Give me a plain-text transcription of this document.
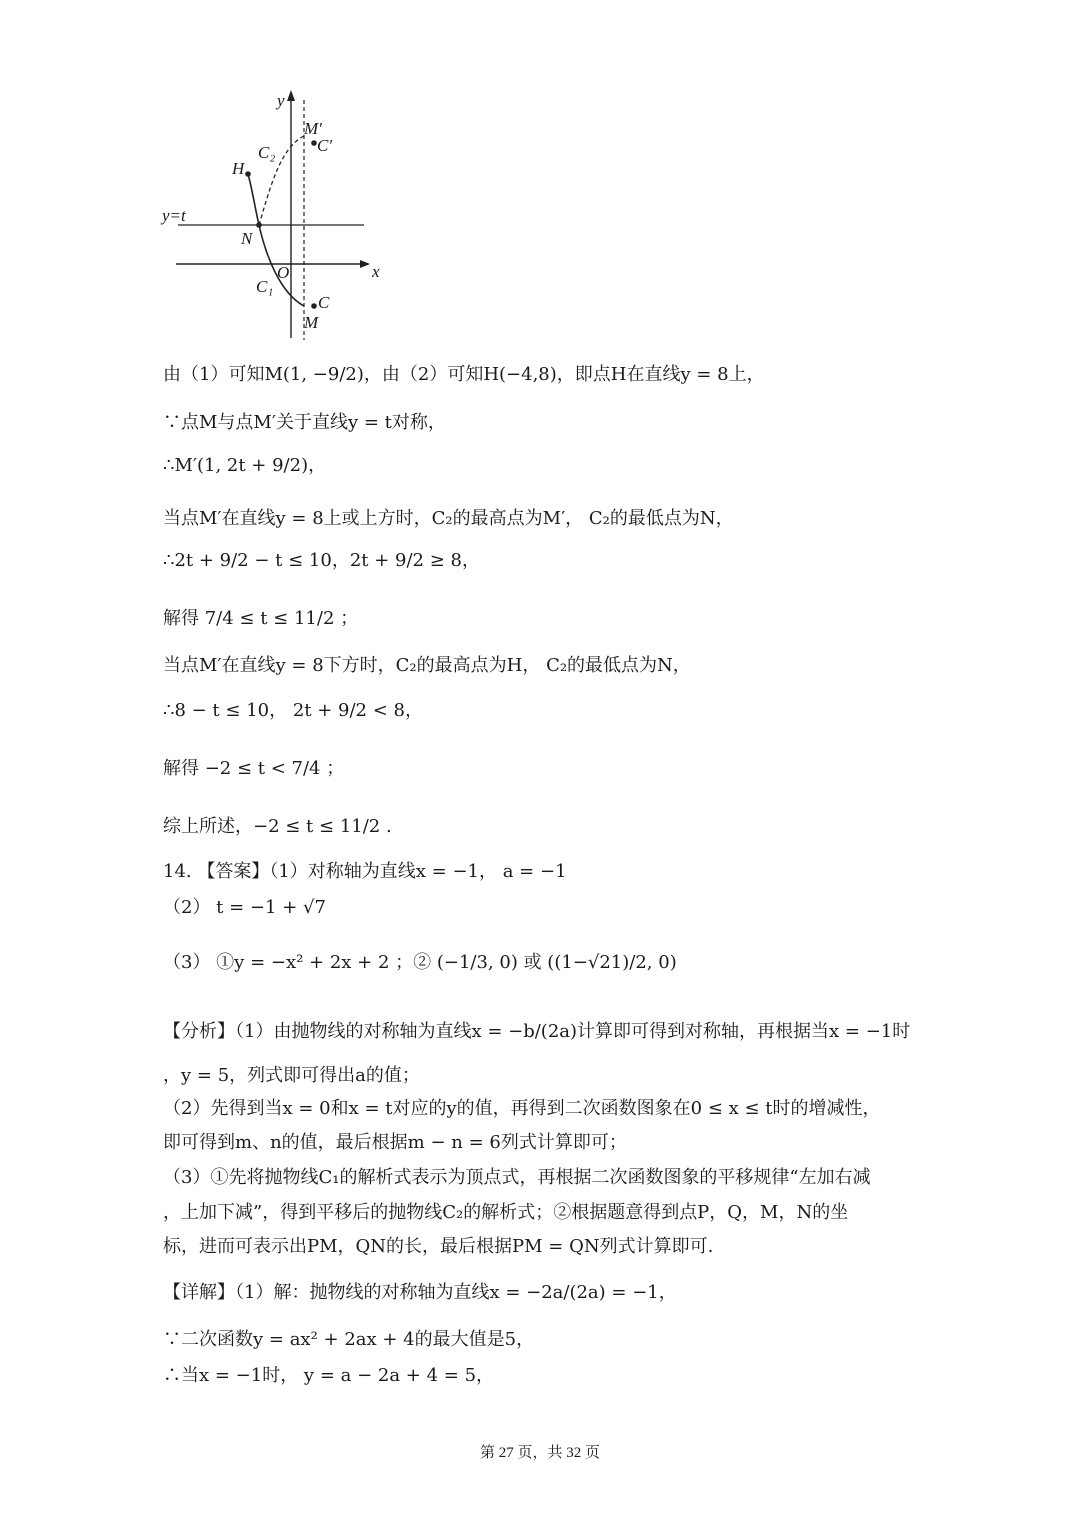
y
M′
C′
C₂
H
y=t
N
O	x
C₁
C
M
由（1）可知M(1, −9/2)，由（2）可知H(−4,8)，即点H在直线y = 8上，
∵点M与点M′关于直线y = t对称，
∴M′(1, 2t + 9/2)，
当点M′在直线y = 8上或上方时，C₂的最高点为M′， C₂的最低点为N，
∴2t + 9/2 − t ≤ 10，2t + 9/2 ≥ 8，
解得 7/4 ≤ t ≤ 11/2 ；
当点M′在直线y = 8下方时，C₂的最高点为H， C₂的最低点为N，
∴8 − t ≤ 10， 2t + 9/2 < 8，
解得 −2 ≤ t < 7/4 ；
综上所述，−2 ≤ t ≤ 11/2 .
14. 【答案】（1）对称轴为直线x = −1， a = −1
（2） t = −1 + √7
（3） ①y = −x² + 2x + 2 ；② (−1/3, 0) 或 ((1−√21)/2, 0)
【分析】（1）由抛物线的对称轴为直线x = −b/(2a)计算即可得到对称轴，再根据当x = −1时
，y = 5，列式即可得出a的值；
（2）先得到当x = 0和x = t对应的y的值，再得到二次函数图象在0 ≤ x ≤ t时的增减性，
即可得到m、n的值，最后根据m − n = 6列式计算即可；
（3）①先将抛物线C₁的解析式表示为顶点式，再根据二次函数图象的平移规律“左加右减
，上加下减”，得到平移后的抛物线C₂的解析式；②根据题意得到点P，Q，M，N的坐
标，进而可表示出PM，QN的长，最后根据PM = QN列式计算即可.
【详解】（1）解：抛物线的对称轴为直线x = −2a/(2a) = −1，
∵二次函数y = ax² + 2ax + 4的最大值是5，
∴当x = −1时， y = a − 2a + 4 = 5，
第 27 页，共 32 页
